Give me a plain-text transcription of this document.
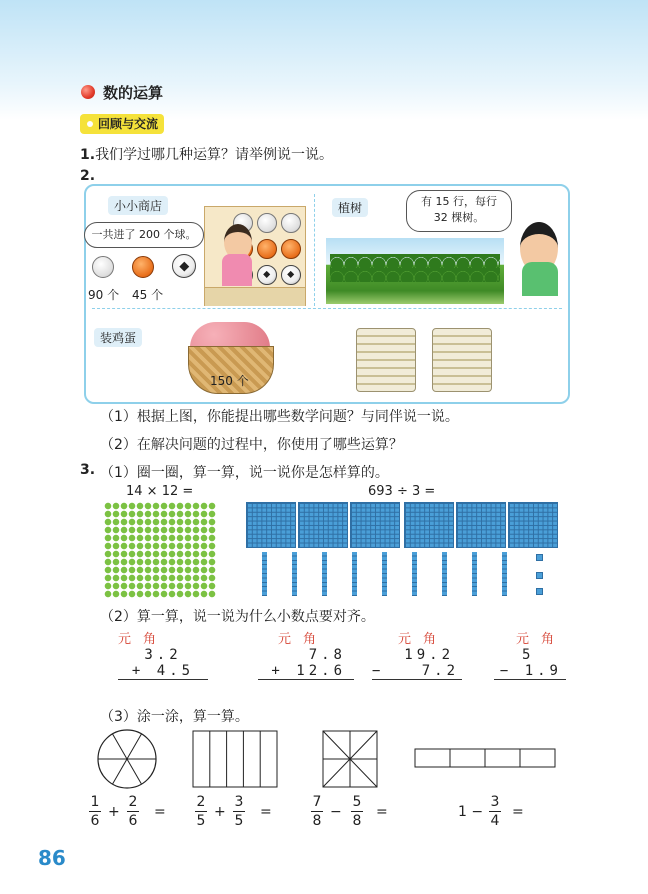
数的运算
回顾与交流
1.我们学过哪几种运算？请举例说一说。
2.
小小商店
一共进了 200 个球。
90 个 45 个
植树	有 15 行，每行
32 棵树。
装鸡蛋
150 个
（1）根据上图，你能提出哪些数学问题？与同伴说一说。
（2）在解决问题的过程中，你使用了哪些运算？
3. （1）圈一圈，算一算，说一说你是怎样算的。
14 × 12 =	693 ÷ 3 =
（2）算一算，说一说为什么小数点要对齐。
元角
3.2
+ 4.5
元角
7.8
+ 12.6
元角
19.2
−	7.2
元角
5
− 1.9
（3）涂一涂，算一算。
1
6
+
2
6
=
2
5
+
3
5
=
7
8
−
5
8
=	1 −
3
4
=
86
